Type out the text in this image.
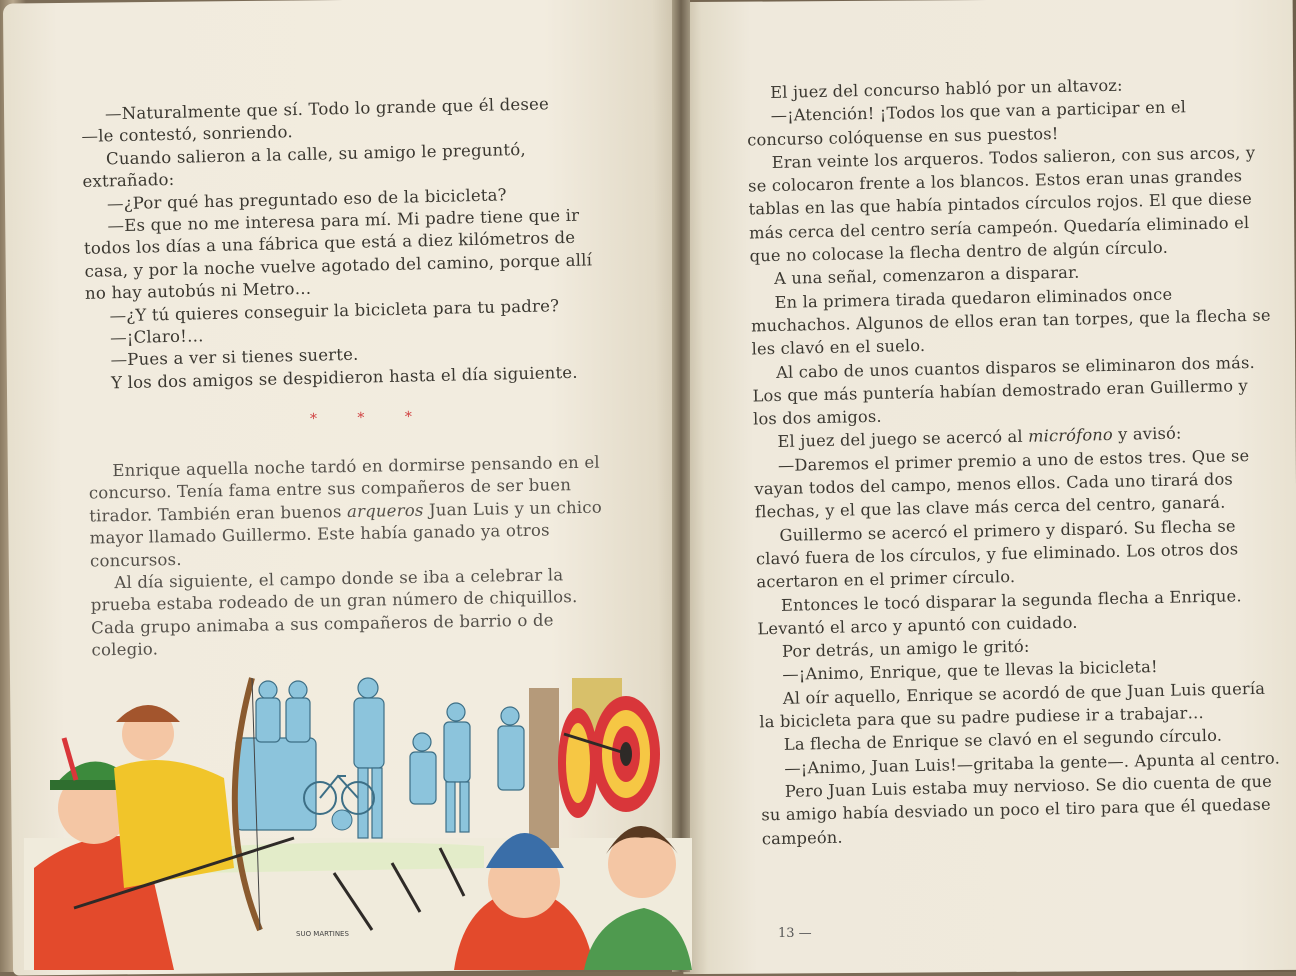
—Naturalmente que sí. Todo lo grande que él desee

—le contestó, sonriendo.

Cuando salieron a la calle, su amigo le preguntó, extrañado:

—¿Por qué has preguntado eso de la bicicleta?

—Es que no me interesa para mí. Mi padre tiene que ir todos los días a una fábrica que está a diez kilómetros de casa, y por la noche vuelve agotado del camino, porque allí no hay autobús ni Metro…

—¿Y tú quieres conseguir la bicicleta para tu padre?

—¡Claro!…

—Pues a ver si tienes suerte.

Y los dos amigos se despidieron hasta el día siguiente.

* * *

Enrique aquella noche tardó en dormirse pensando en el concurso. Tenía fama entre sus compañeros de ser buen tirador. También eran buenos arqueros Juan Luis y un chico mayor llamado Guillermo. Este había ganado ya otros concursos.

Al día siguiente, el campo donde se iba a celebrar la prueba estaba rodeado de un gran número de chiquillos. Cada grupo animaba a sus compañeros de barrio o de colegio.

SUO MARTINES

El juez del concurso habló por un altavoz:

—¡Atención! ¡Todos los que van a participar en el concurso colóquense en sus puestos!

Eran veinte los arqueros. Todos salieron, con sus arcos, y se colocaron frente a los blancos. Estos eran unas grandes tablas en las que había pintados círculos rojos. El que diese más cerca del centro sería campeón. Quedaría eliminado el que no colocase la flecha dentro de algún círculo.

A una señal, comenzaron a disparar.

En la primera tirada quedaron eliminados once muchachos. Algunos de ellos eran tan torpes, que la flecha se les clavó en el suelo.

Al cabo de unos cuantos disparos se eliminaron dos más. Los que más puntería habían demostrado eran Guillermo y los dos amigos.

El juez del juego se acercó al micrófono y avisó:

—Daremos el primer premio a uno de estos tres. Que se vayan todos del campo, menos ellos. Cada uno tirará dos flechas, y el que las clave más cerca del centro, ganará.

Guillermo se acercó el primero y disparó. Su flecha se clavó fuera de los círculos, y fue eliminado. Los otros dos acertaron en el primer círculo.

Entonces le tocó disparar la segunda flecha a Enrique. Levantó el arco y apuntó con cuidado.

Por detrás, un amigo le gritó:

—¡Animo, Enrique, que te llevas la bicicleta!

Al oír aquello, Enrique se acordó de que Juan Luis quería la bicicleta para que su padre pudiese ir a trabajar…

La flecha de Enrique se clavó en el segundo círculo.

—¡Animo, Juan Luis!—gritaba la gente—. Apunta al centro.

Pero Juan Luis estaba muy nervioso. Se dio cuenta de que su amigo había desviado un poco el tiro para que él quedase campeón.

13 —
